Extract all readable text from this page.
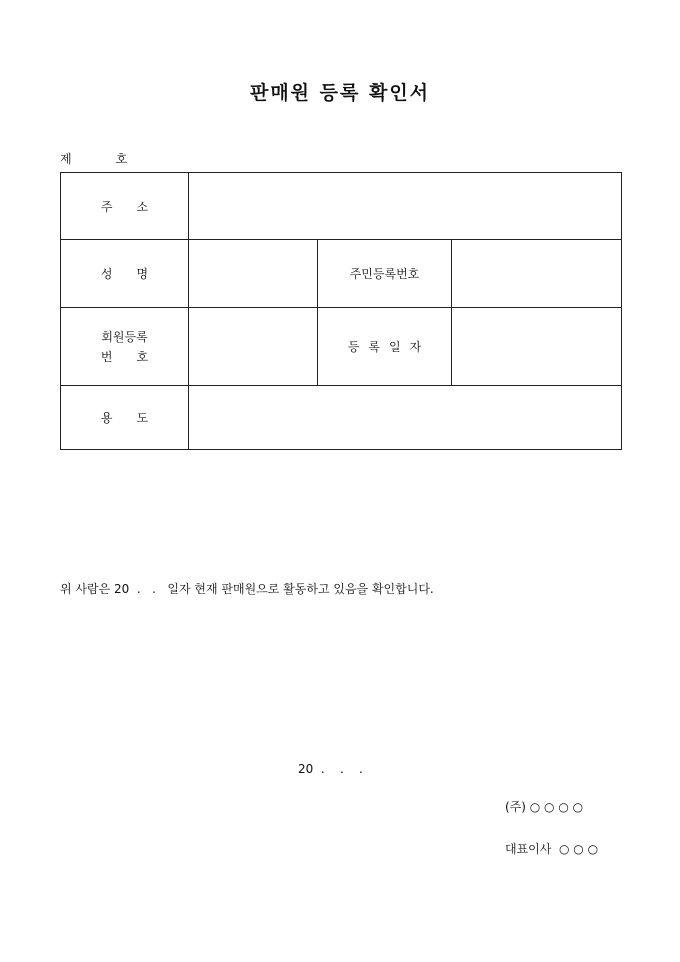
판매원 등록 확인서
제	호
주 소			
성 명		주민등록번호	

회원등록
번 호		등 록 일 자	
용 도			
위 사람은 20  .   .   일자 현재 판매원으로 활동하고 있음을 확인합니다.
20  .    .    .
(주) ○ ○ ○ ○
대표이사  ○ ○ ○
